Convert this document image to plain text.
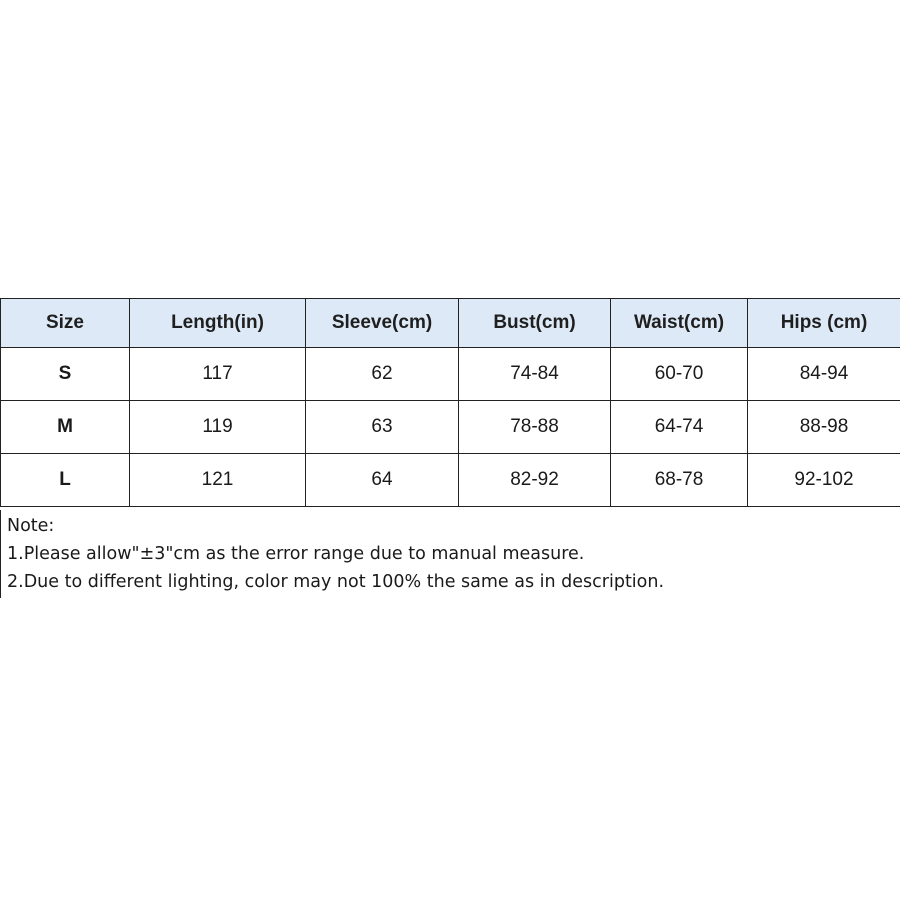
Size	Length(in)	Sleeve(cm)	Bust(cm)	Waist(cm)	Hips (cm)
S	117	62	74-84	60-70	84-94
M	119	63	78-88	64-74	88-98
L	121	64	82-92	68-78	92-102
Note:
1.Please allow"±3"cm as the error range due to manual measure.
2.Due to different lighting, color may not 100% the same as in description.
